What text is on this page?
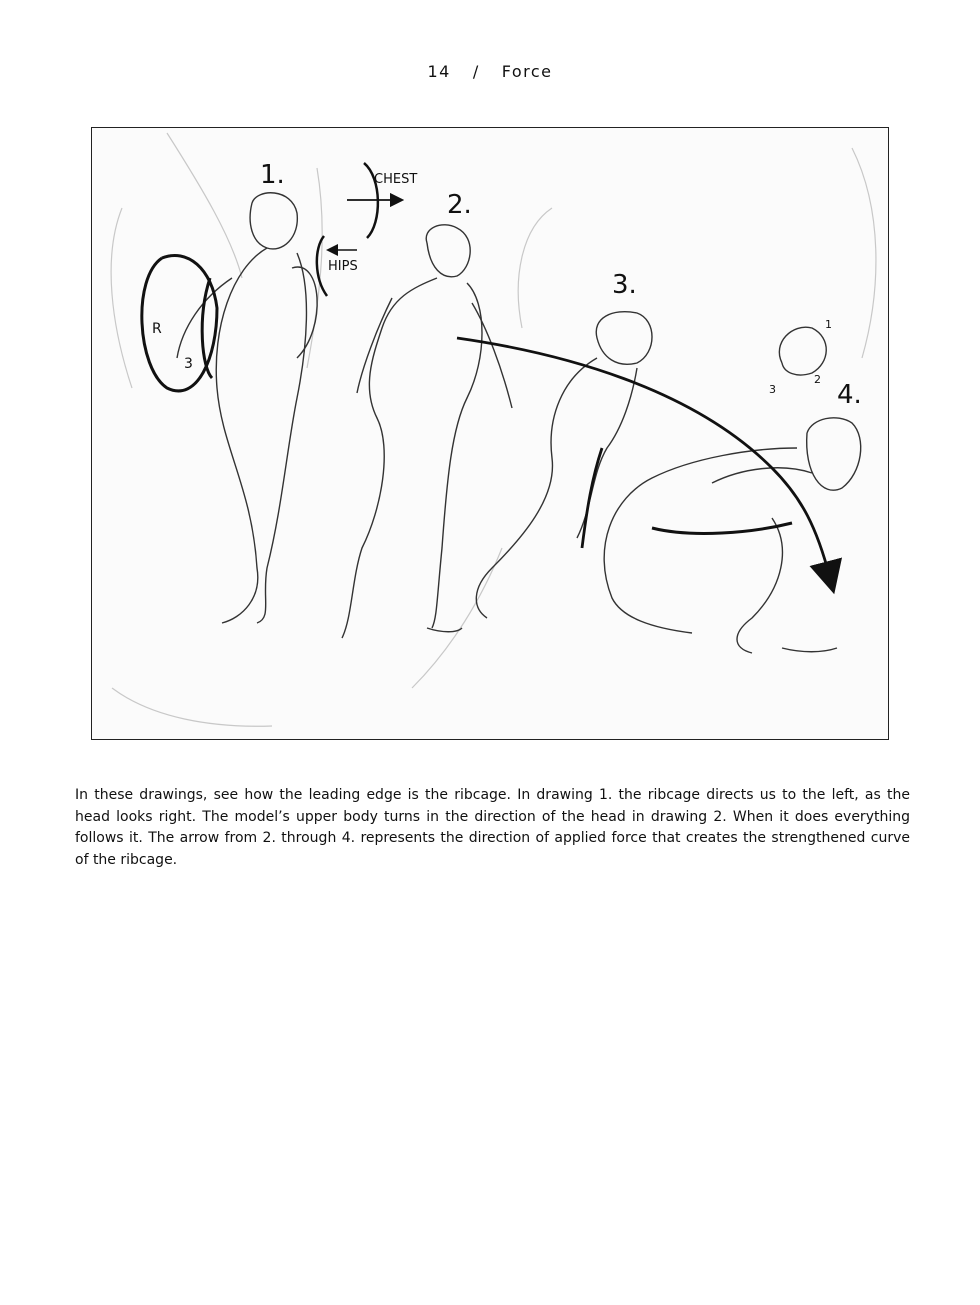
14 / Force
1.
R
3
CHEST
HIPS
2.
3.
4.
1
2
3

In these drawings, see how the leading edge is the ribcage. In drawing 1. the ribcage directs us to the left, as the head looks right. The model’s upper body turns in the direction of the head in drawing 2. When it does everything follows it. The arrow from 2. through 4. represents the direction of applied force that creates the strengthened curve of the ribcage.
